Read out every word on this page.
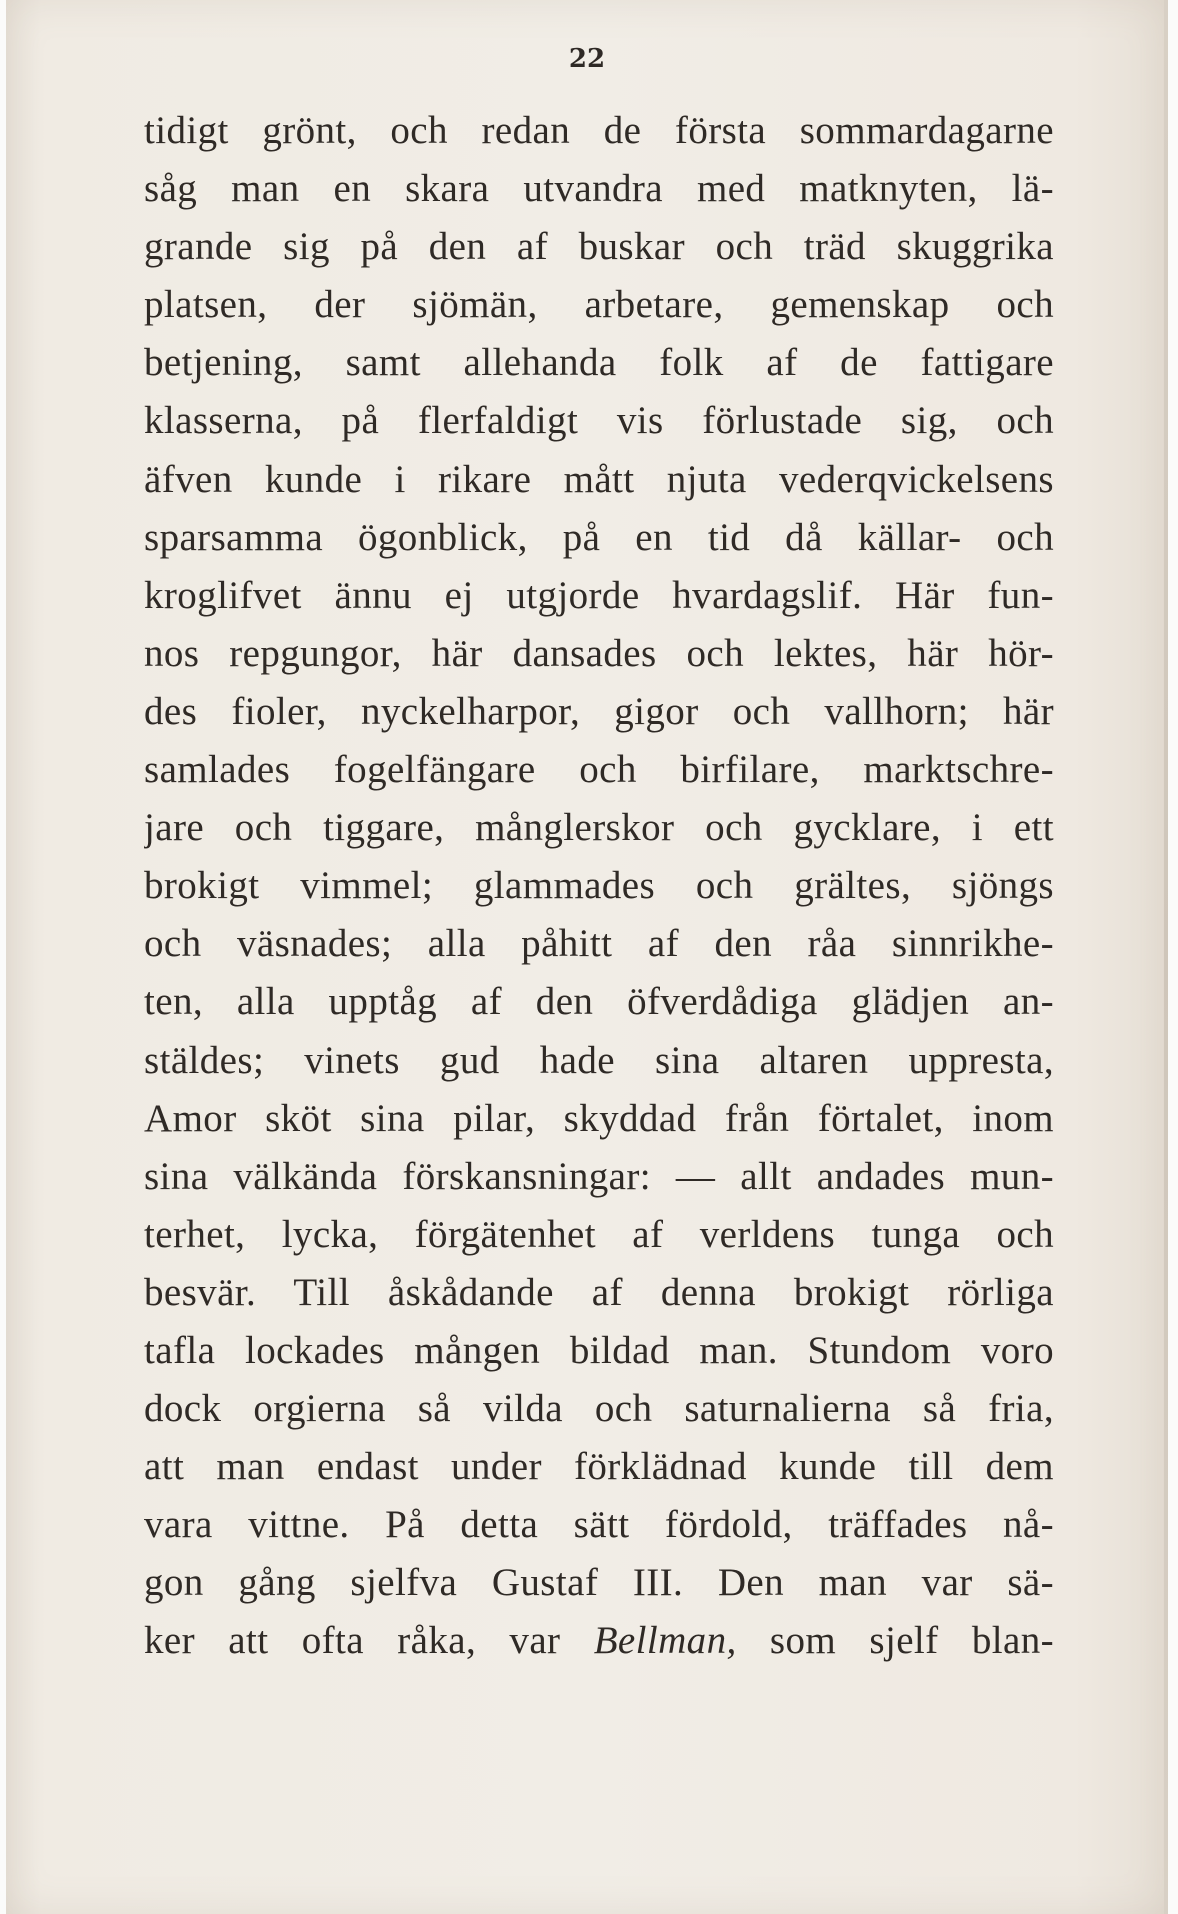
22
tidigt grönt, och redan de första sommardagarne
såg man en skara utvandra med matknyten, lä-
grande sig på den af buskar och träd skuggrika
platsen, der sjömän, arbetare, gemenskap och
betjening, samt allehanda folk af de fattigare
klasserna, på flerfaldigt vis förlustade sig, och
äfven kunde i rikare mått njuta vederqvickelsens
sparsamma ögonblick, på en tid då källar- och
kroglifvet ännu ej utgjorde hvardagslif. Här fun-
nos repgungor, här dansades och lektes, här hör-
des fioler, nyckelharpor, gigor och vallhorn; här
samlades fogelfängare och birfilare, marktschre-
jare och tiggare, månglerskor och gycklare, i ett
brokigt vimmel; glammades och grältes, sjöngs
och väsnades; alla påhitt af den råa sinnrikhe-
ten, alla upptåg af den öfverdådiga glädjen an-
stäldes; vinets gud hade sina altaren uppresta,
Amor sköt sina pilar, skyddad från förtalet, inom
sina välkända förskansningar: — allt andades mun-
terhet, lycka, förgätenhet af verldens tunga och
besvär. Till åskådande af denna brokigt rörliga
tafla lockades mången bildad man. Stundom voro
dock orgierna så vilda och saturnalierna så fria,
att man endast under förklädnad kunde till dem
vara vittne. På detta sätt fördold, träffades nå-
gon gång sjelfva Gustaf III. Den man var sä-
ker att ofta råka, var Bellman, som sjelf blan-
